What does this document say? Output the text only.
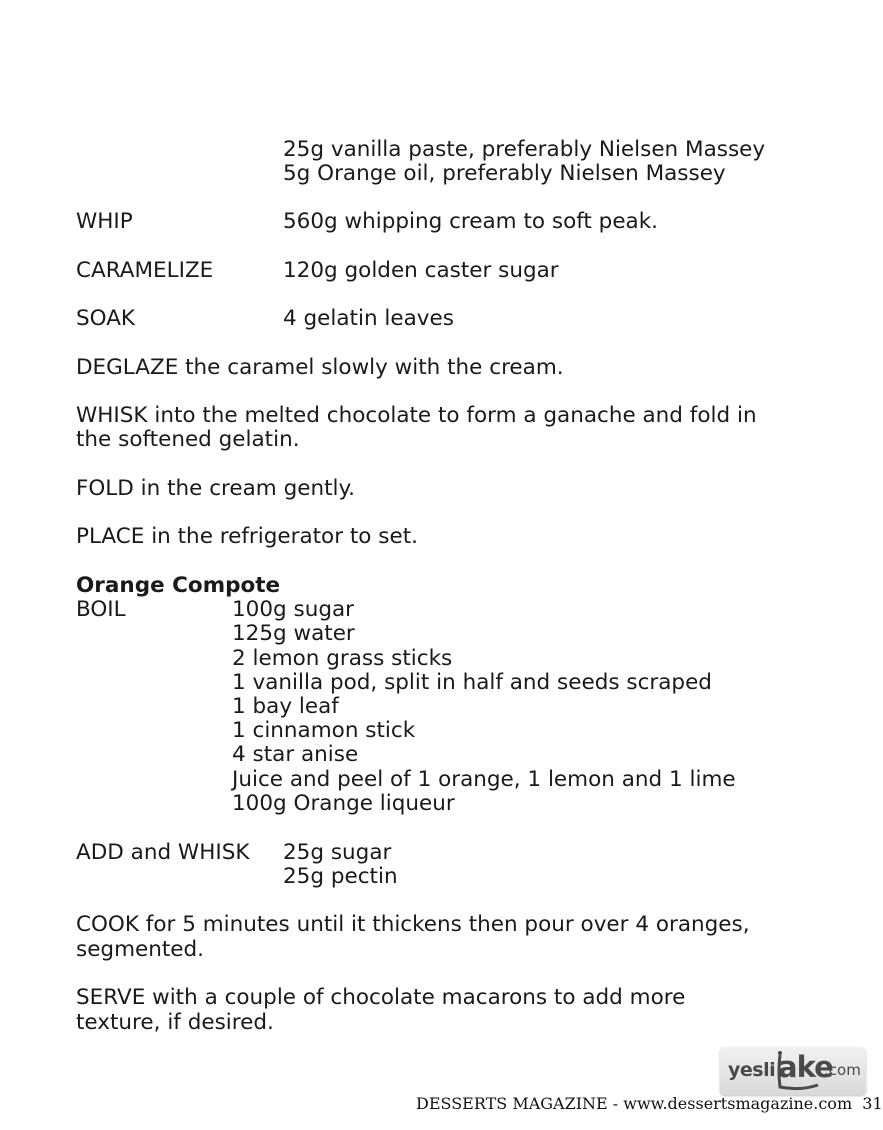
25g vanilla paste, preferably Nielsen Massey
5g Orange oil, preferably Nielsen Massey
WHIP	560g whipping cream to soft peak.
CARAMELIZE	120g golden caster sugar
SOAK	4 gelatin leaves
DEGLAZE the caramel slowly with the cream.
WHISK into the melted chocolate to form a ganache and fold in
the softened gelatin.
FOLD in the cream gently.
PLACE in the refrigerator to set.
Orange Compote
BOIL	100g sugar
125g water
2 lemon grass sticks
1 vanilla pod, split in half and seeds scraped
1 bay leaf
1 cinnamon stick
4 star anise
Juice and peel of 1 orange, 1 lemon and 1 lime
100g Orange liqueur
ADD and WHISK 25g sugar
25g pectin
COOK for 5 minutes until it thickens then pour over 4 oranges,
segmented.
SERVE with a couple of chocolate macarons to add more
texture, if desired.
yesli ake
.com
DESSERTS MAGAZINE - www.dessertsmagazine.com 31
